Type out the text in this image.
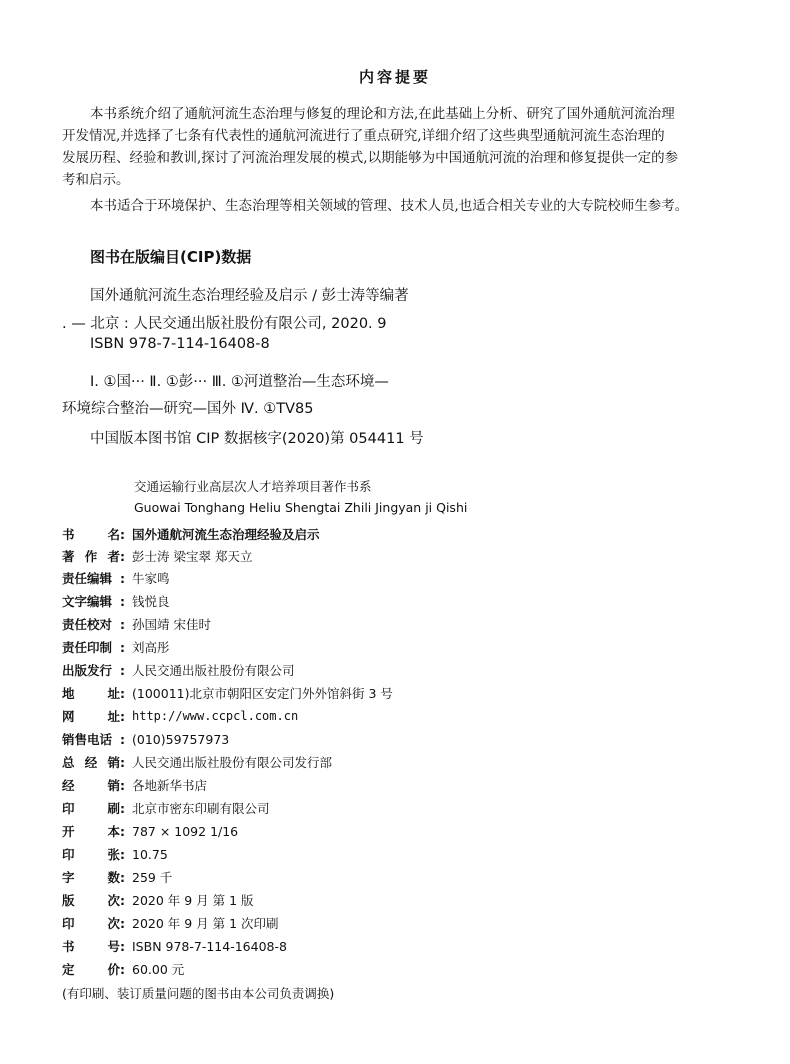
内容提要
本书系统介绍了通航河流生态治理与修复的理论和方法,在此基础上分析、研究了国外通航河流治理
开发情况,并选择了七条有代表性的通航河流进行了重点研究,详细介绍了这些典型通航河流生态治理的
发展历程、经验和教训,探讨了河流治理发展的模式,以期能够为中国通航河流的治理和修复提供一定的参
考和启示。
本书适合于环境保护、生态治理等相关领域的管理、技术人员,也适合相关专业的大专院校师生参考。
图书在版编目(CIP)数据
国外通航河流生态治理经验及启示 / 彭士涛等编著
. — 北京 : 人民交通出版社股份有限公司, 2020. 9
ISBN 978-7-114-16408-8
Ⅰ. ①国··· Ⅱ. ①彭··· Ⅲ. ①河道整治—生态环境—
环境综合整治—研究—国外 Ⅳ. ①TV85
中国版本图书馆 CIP 数据核字(2020)第 054411 号
交通运输行业高层次人才培养项目著作书系
Guowai Tonghang Heliu Shengtai Zhili Jingyan ji Qishi
书	名 : 国外通航河流生态治理经验及启示
著 作 者 : 彭士涛 梁宝翠 郑天立
责任编辑 : 牛家鸣
文字编辑 : 钱悦良
责任校对 : 孙国靖 宋佳时
责任印制 : 刘高彤
出版发行 : 人民交通出版社股份有限公司
地	址 : (100011)北京市朝阳区安定门外外馆斜街 3 号
网	址 : http://www.ccpcl.com.cn
销售电话 : (010)59757973
总 经 销 : 人民交通出版社股份有限公司发行部
经	销 : 各地新华书店
印	刷 : 北京市密东印刷有限公司
开	本 : 787 × 1092 1/16
印	张 : 10.75
字	数 : 259 千
版	次 : 2020 年 9 月 第 1 版
印	次 : 2020 年 9 月 第 1 次印刷
书	号 : ISBN 978-7-114-16408-8
定	价 : 60.00 元
(有印刷、装订质量问题的图书由本公司负责调换)
